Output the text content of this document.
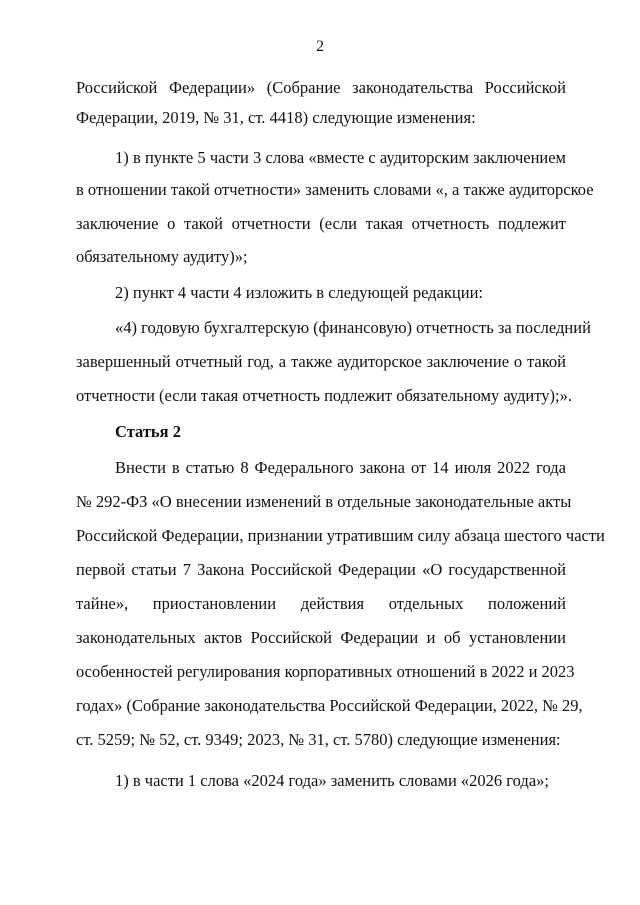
2
Российской Федерации» (Собрание законодательства Российской
Федерации, 2019, № 31, ст. 4418) следующие изменения:
1) в пункте 5 части 3 слова «вместе с аудиторским заключением
в отношении такой отчетности» заменить словами «, а также аудиторское
заключение о такой отчетности (если такая отчетность подлежит
обязательному аудиту)»;
2) пункт 4 части 4 изложить в следующей редакции:
«4) годовую бухгалтерскую (финансовую) отчетность за последний
завершенный отчетный год, а также аудиторское заключение о такой
отчетности (если такая отчетность подлежит обязательному аудиту);».
Статья 2
Внести в статью 8 Федерального закона от 14 июля 2022 года
№ 292-ФЗ «О внесении изменений в отдельные законодательные акты
Российской Федерации, признании утратившим силу абзаца шестого части
первой статьи 7 Закона Российской Федерации «О государственной
тайне», приостановлении действия отдельных положений
законодательных актов Российской Федерации и об установлении
особенностей регулирования корпоративных отношений в 2022 и 2023
годах» (Собрание законодательства Российской Федерации, 2022, № 29,
ст. 5259; № 52, ст. 9349; 2023, № 31, ст. 5780) следующие изменения:
1) в части 1 слова «2024 года» заменить словами «2026 года»;
